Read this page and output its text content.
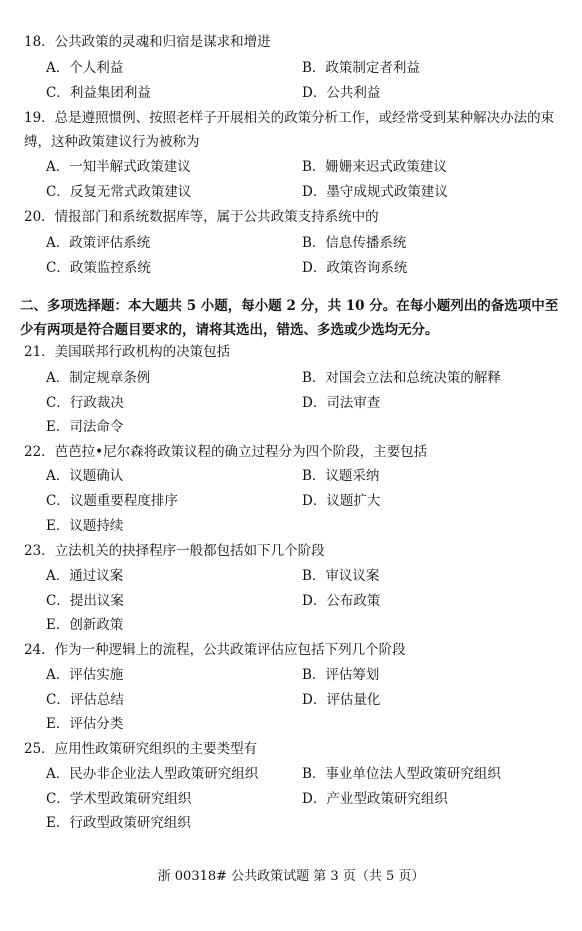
18．公共政策的灵魂和归宿是谋求和增进
A．个人利益	B．政策制定者利益
C．利益集团利益	D．公共利益
19．总是遵照惯例、按照老样子开展相关的政策分析工作，或经常受到某种解决办法的束缚，这种政策建议行为被称为
A．一知半解式政策建议	B．姗姗来迟式政策建议
C．反复无常式政策建议	D．墨守成规式政策建议
20．情报部门和系统数据库等，属于公共政策支持系统中的
A．政策评估系统	B．信息传播系统
C．政策监控系统	D．政策咨询系统
二、多项选择题：本大题共 5 小题，每小题 2 分，共 10 分。在每小题列出的备选项中至少有两项是符合题目要求的，请将其选出，错选、多选或少选均无分。
21．美国联邦行政机构的决策包括
A．制定规章条例	B．对国会立法和总统决策的解释
C．行政裁决	D．司法审查
E．司法命令
22．芭芭拉•尼尔森将政策议程的确立过程分为四个阶段，主要包括
A．议题确认	B．议题采纳
C．议题重要程度排序	D．议题扩大
E．议题持续
23．立法机关的抉择程序一般都包括如下几个阶段
A．通过议案	B．审议议案
C．提出议案	D．公布政策
E．创新政策
24．作为一种逻辑上的流程，公共政策评估应包括下列几个阶段
A．评估实施	B．评估筹划
C．评估总结	D．评估量化
E．评估分类
25．应用性政策研究组织的主要类型有
A．民办非企业法人型政策研究组织	B．事业单位法人型政策研究组织
C．学术型政策研究组织	D．产业型政策研究组织
E．行政型政策研究组织
浙 00318# 公共政策试题 第 3 页（共 5 页）
